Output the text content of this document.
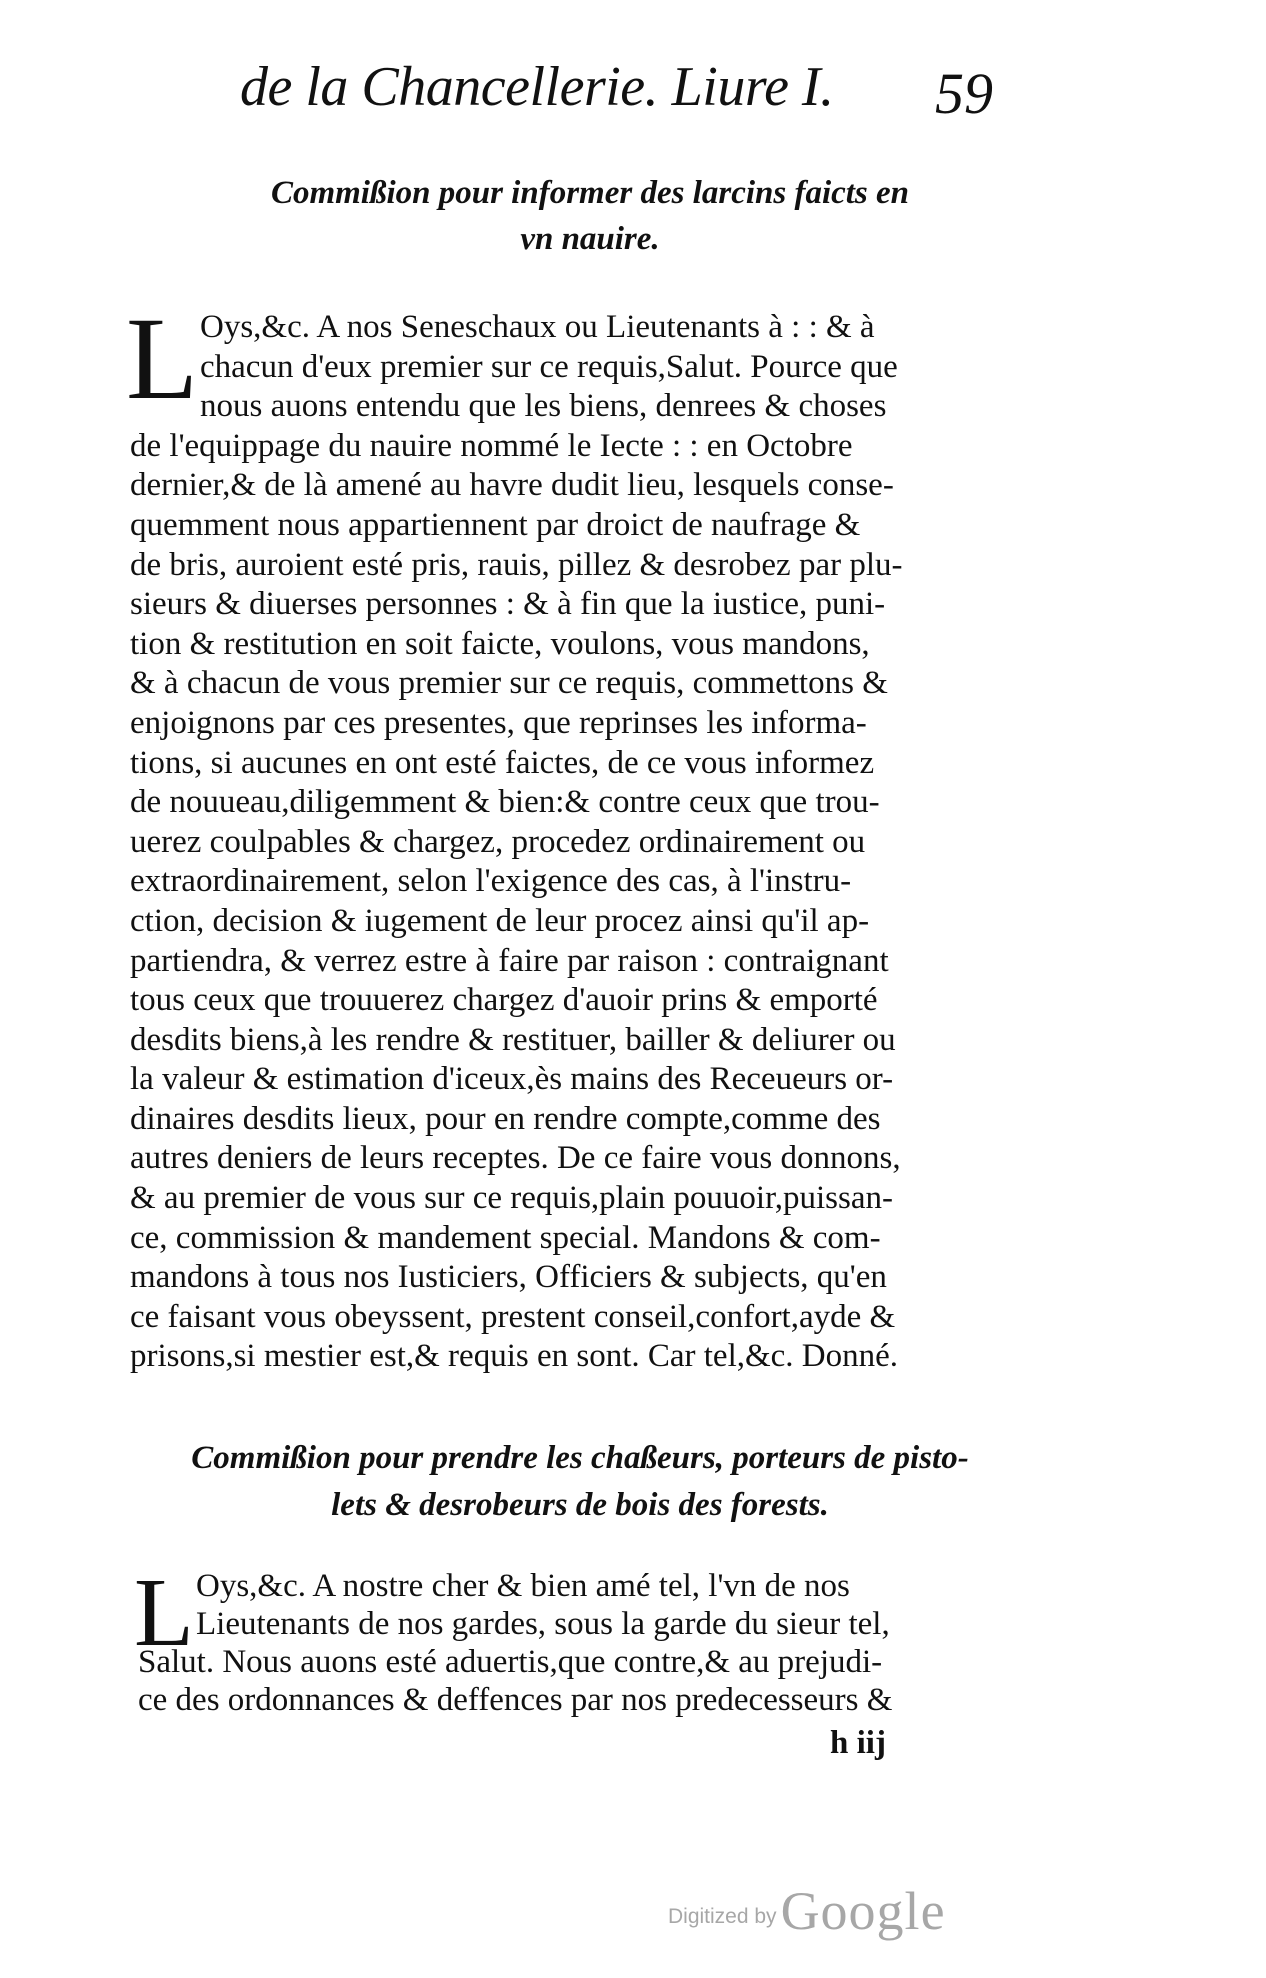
de la Chancellerie. Liure I.	59
Commißion pour informer des larcins faicts en
vn nauire.
L Oys,&c. A nos Seneschaux ou Lieutenants à : : & à
chacun d'eux premier sur ce requis,Salut. Pource que
nous auons entendu que les biens, denrees & choses
de l'equippage du nauire nommé le Iecte : : en Octobre
dernier,& de là amené au havre dudit lieu, lesquels conse-
quemment nous appartiennent par droict de naufrage &
de bris, auroient esté pris, rauis, pillez & desrobez par plu-
sieurs & diuerses personnes : & à fin que la iustice, puni-
tion & restitution en soit faicte, voulons, vous mandons,
& à chacun de vous premier sur ce requis, commettons &
enjoignons par ces presentes, que reprinses les informa-
tions, si aucunes en ont esté faictes, de ce vous informez
de nouueau,diligemment & bien:& contre ceux que trou-
uerez coulpables & chargez, procedez ordinairement ou
extraordinairement, selon l'exigence des cas, à l'instru-
ction, decision & iugement de leur procez ainsi qu'il ap-
partiendra, & verrez estre à faire par raison : contraignant
tous ceux que trouuerez chargez d'auoir prins & emporté
desdits biens,à les rendre & restituer, bailler & deliurer ou
la valeur & estimation d'iceux,ès mains des Receueurs or-
dinaires desdits lieux, pour en rendre compte,comme des
autres deniers de leurs receptes. De ce faire vous donnons,
& au premier de vous sur ce requis,plain pouuoir,puissan-
ce, commission & mandement special. Mandons & com-
mandons à tous nos Iusticiers, Officiers & subjects, qu'en
ce faisant vous obeyssent, prestent conseil,confort,ayde &
prisons,si mestier est,& requis en sont. Car tel,&c. Donné.
Commißion pour prendre les chaßeurs, porteurs de pisto-
lets & desrobeurs de bois des forests.
L Oys,&c. A nostre cher & bien amé tel, l'vn de nos
Lieutenants de nos gardes, sous la garde du sieur tel,
Salut. Nous auons esté aduertis,que contre,& au prejudi-
ce des ordonnances & deffences par nos predecesseurs &
h iij
Digitized by Google
